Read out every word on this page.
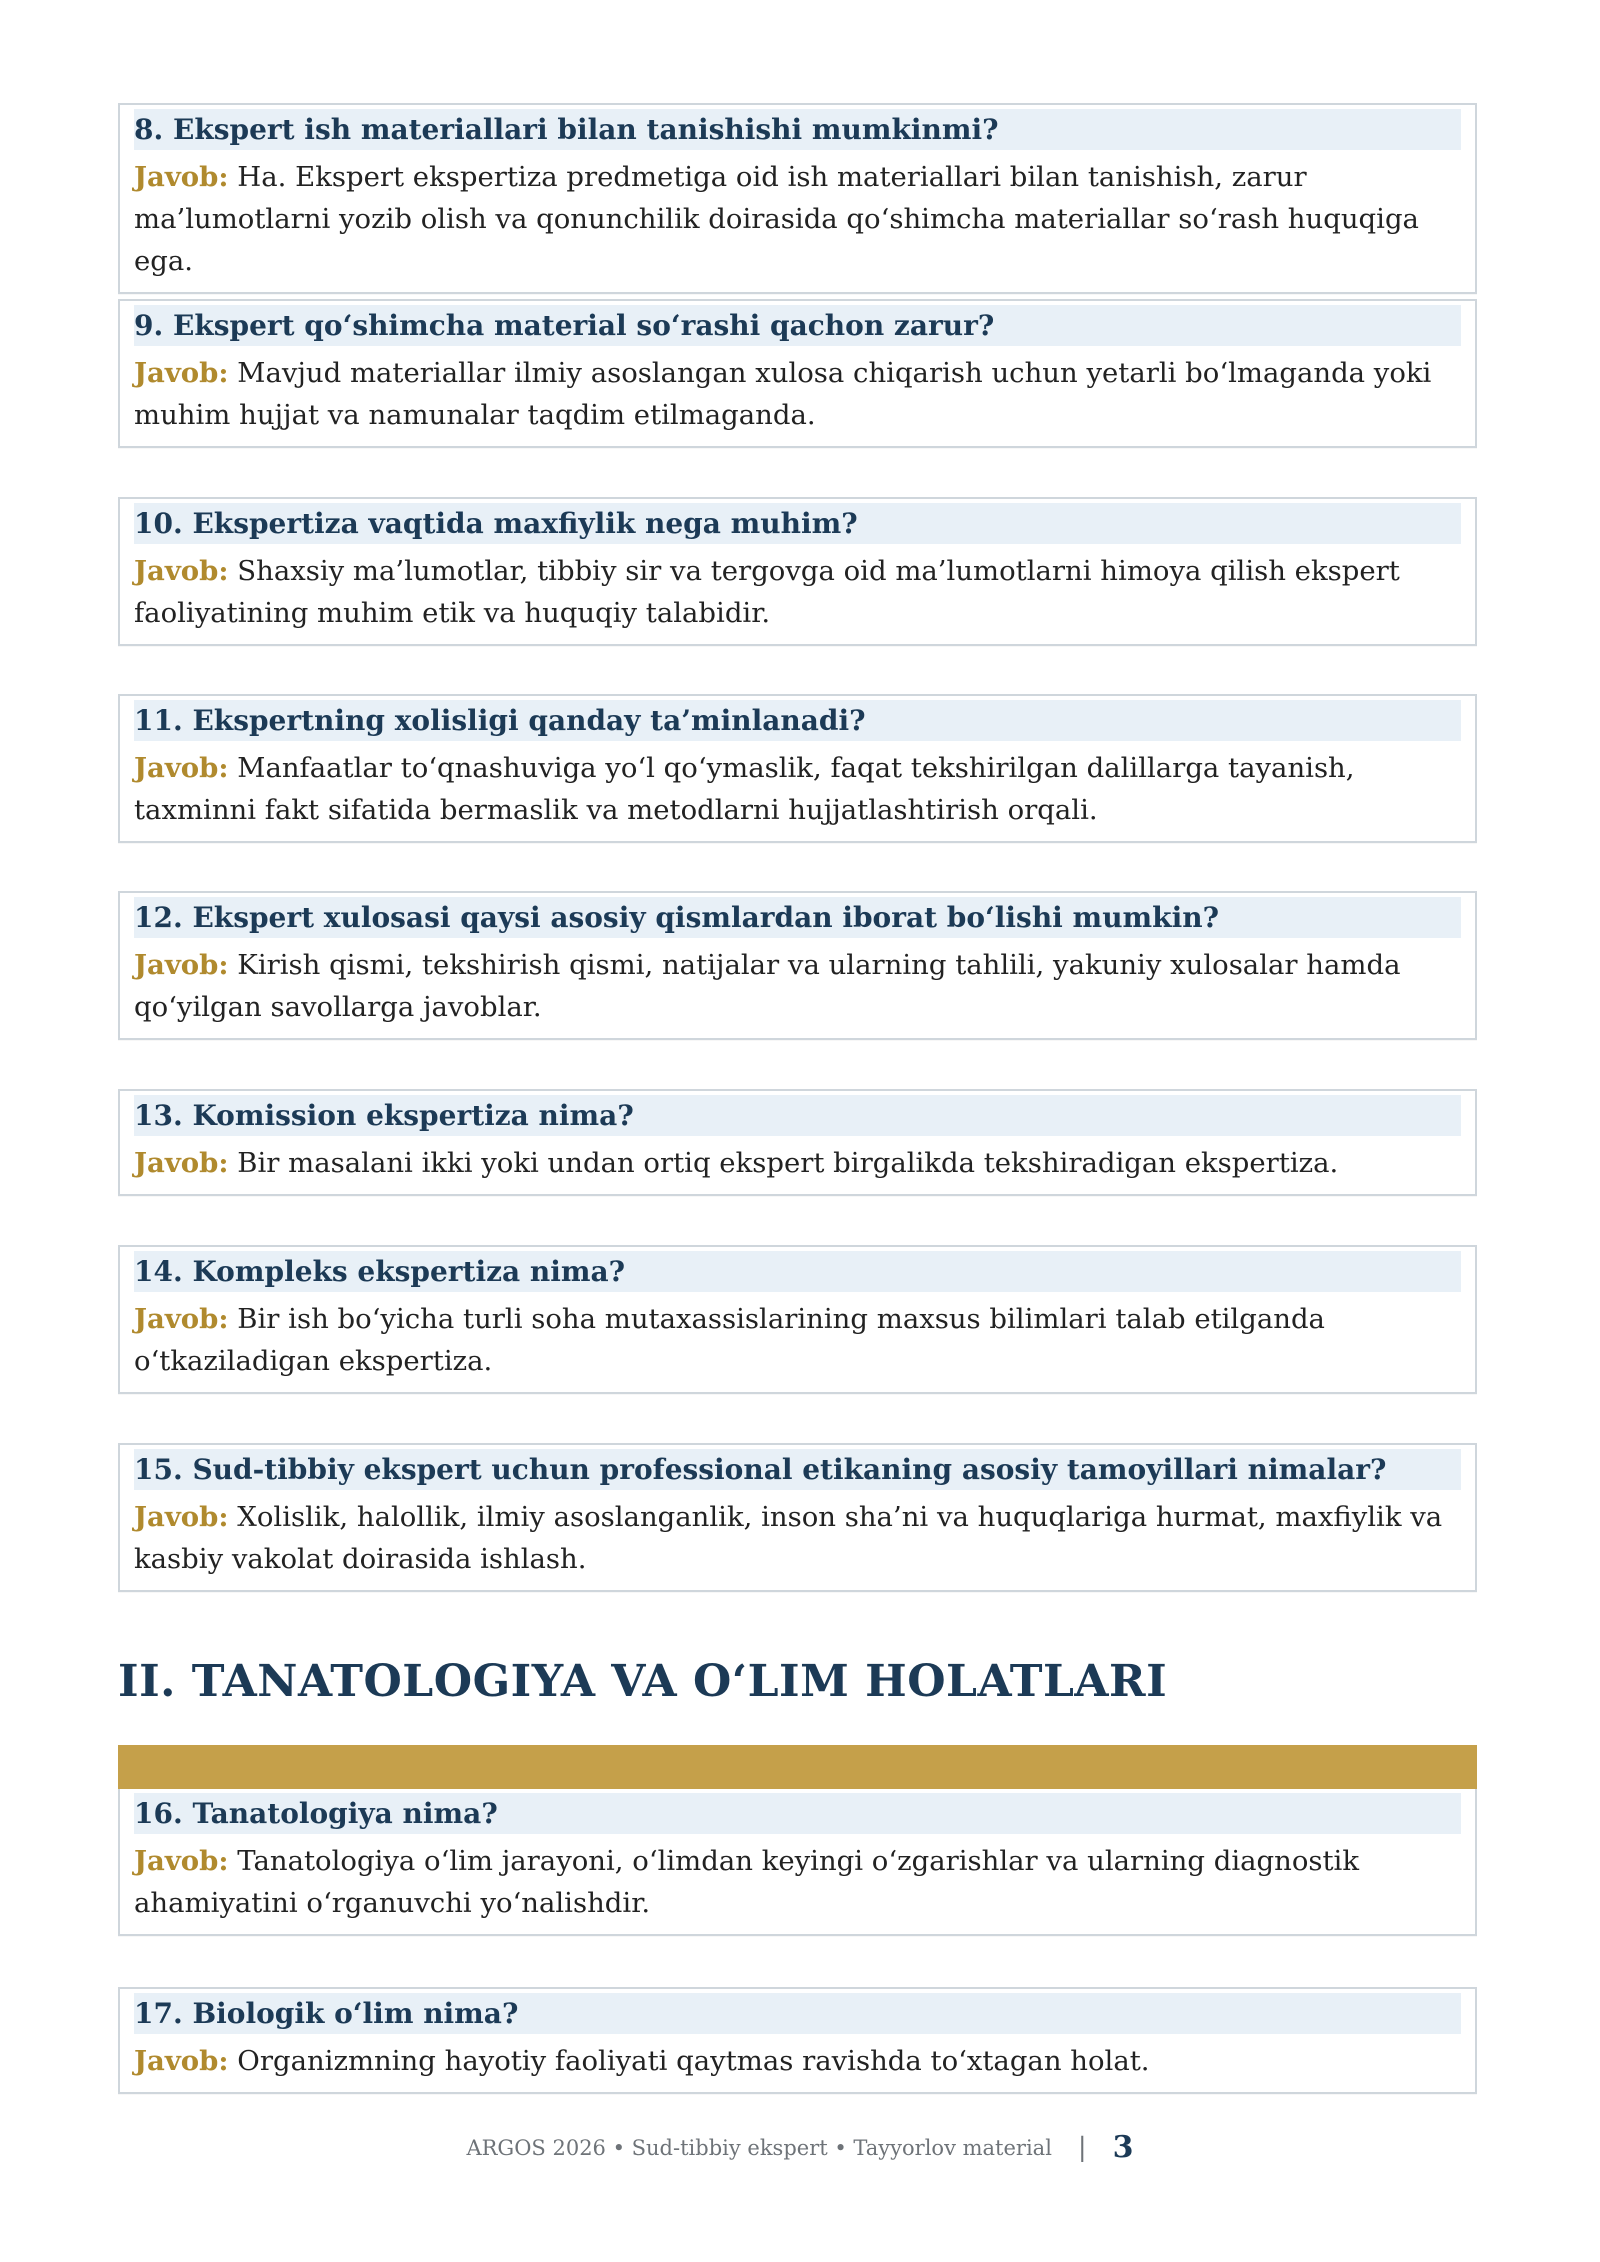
8. Ekspert ish materiallari bilan tanishishi mumkinmi?
Javob: Ha. Ekspert ekspertiza predmetiga oid ish materiallari bilan tanishish, zarur ma’lumotlarni yozib olish va qonunchilik doirasida qo‘shimcha materiallar so‘rash huquqiga ega.
9. Ekspert qo‘shimcha material so‘rashi qachon zarur?
Javob: Mavjud materiallar ilmiy asoslangan xulosa chiqarish uchun yetarli bo‘lmaganda yoki muhim hujjat va namunalar taqdim etilmaganda.
10. Ekspertiza vaqtida maxfiylik nega muhim?
Javob: Shaxsiy ma’lumotlar, tibbiy sir va tergovga oid ma’lumotlarni himoya qilish ekspert faoliyatining muhim etik va huquqiy talabidir.
11. Ekspertning xolisligi qanday ta’minlanadi?
Javob: Manfaatlar to‘qnashuviga yo‘l qo‘ymaslik, faqat tekshirilgan dalillarga tayanish, taxminni fakt sifatida bermaslik va metodlarni hujjatlashtirish orqali.
12. Ekspert xulosasi qaysi asosiy qismlardan iborat bo‘lishi mumkin?
Javob: Kirish qismi, tekshirish qismi, natijalar va ularning tahlili, yakuniy xulosalar hamda qo‘yilgan savollarga javoblar.
13. Komission ekspertiza nima?
Javob: Bir masalani ikki yoki undan ortiq ekspert birgalikda tekshiradigan ekspertiza.
14. Kompleks ekspertiza nima?
Javob: Bir ish bo‘yicha turli soha mutaxassislarining maxsus bilimlari talab etilganda o‘tkaziladigan ekspertiza.
15. Sud-tibbiy ekspert uchun professional etikaning asosiy tamoyillari nimalar?
Javob: Xolislik, halollik, ilmiy asoslanganlik, inson sha’ni va huquqlariga hurmat, maxfiylik va kasbiy vakolat doirasida ishlash.
II. TANATOLOGIYA VA O‘LIM HOLATLARI
16. Tanatologiya nima?
Javob: Tanatologiya o‘lim jarayoni, o‘limdan keyingi o‘zgarishlar va ularning diagnostik ahamiyatini o‘rganuvchi yo‘nalishdir.
17. Biologik o‘lim nima?
Javob: Organizmning hayotiy faoliyati qaytmas ravishda to‘xtagan holat.
ARGOS 2026 • Sud-tibbiy ekspert • Tayyorlov material | 3
